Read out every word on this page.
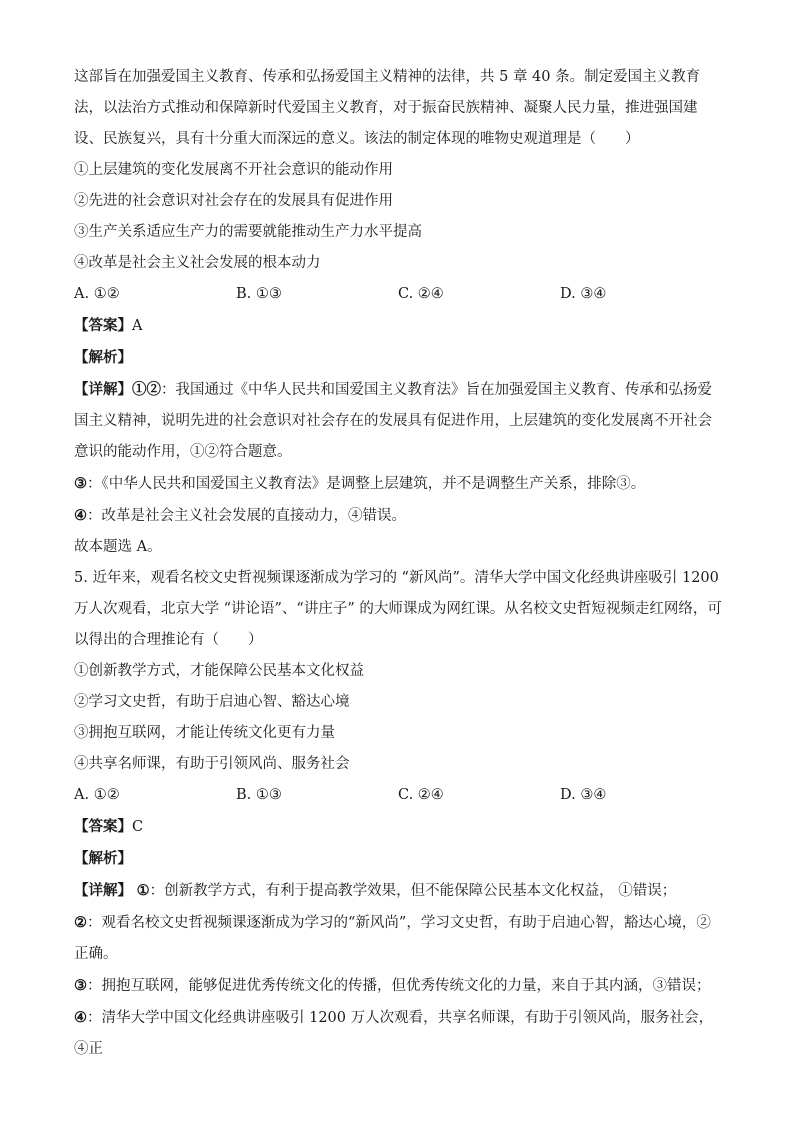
这部旨在加强爱国主义教育、传承和弘扬爱国主义精神的法律，共 5 章 40 条。制定爱国主义教育法，以法治方式推动和保障新时代爱国主义教育，对于振奋民族精神、凝聚人民力量，推进强国建设、民族复兴，具有十分重大而深远的意义。该法的制定体现的唯物史观道理是（　　）

①上层建筑的变化发展离不开社会意识的能动作用

②先进的社会意识对社会存在的发展具有促进作用

③生产关系适应生产力的需要就能推动生产力水平提高

④改革是社会主义社会发展的根本动力

A. ①②	B. ①③	C. ②④	D. ③④

【答案】A

【解析】

【详解】①②：我国通过《中华人民共和国爱国主义教育法》旨在加强爱国主义教育、传承和弘扬爱国主义精神，说明先进的社会意识对社会存在的发展具有促进作用，上层建筑的变化发展离不开社会意识的能动作用，①②符合题意。

③：《中华人民共和国爱国主义教育法》是调整上层建筑，并不是调整生产关系，排除③。

④：改革是社会主义社会发展的直接动力，④错误。

故本题选 A。

5. 近年来，观看名校文史哲视频课逐渐成为学习的 “新风尚”。清华大学中国文化经典讲座吸引 1200 万人次观看，北京大学 “讲论语”、“讲庄子” 的大师课成为网红课。从名校文史哲短视频走红网络，可以得出的合理推论有（　　）

①创新教学方式，才能保障公民基本文化权益

②学习文史哲，有助于启迪心智、豁达心境

③拥抱互联网，才能让传统文化更有力量

④共享名师课，有助于引领风尚、服务社会

A. ①②	B. ①③	C. ②④	D. ③④

【答案】C

【解析】

【详解】 ①：创新教学方式，有利于提高教学效果，但不能保障公民基本文化权益， ①错误；

②：观看名校文史哲视频课逐渐成为学习的“新风尚”，学习文史哲，有助于启迪心智，豁达心境，②正确。

③：拥抱互联网，能够促进优秀传统文化的传播，但优秀传统文化的力量，来自于其内涵，③错误；

④：清华大学中国文化经典讲座吸引 1200 万人次观看，共享名师课，有助于引领风尚，服务社会，④正
